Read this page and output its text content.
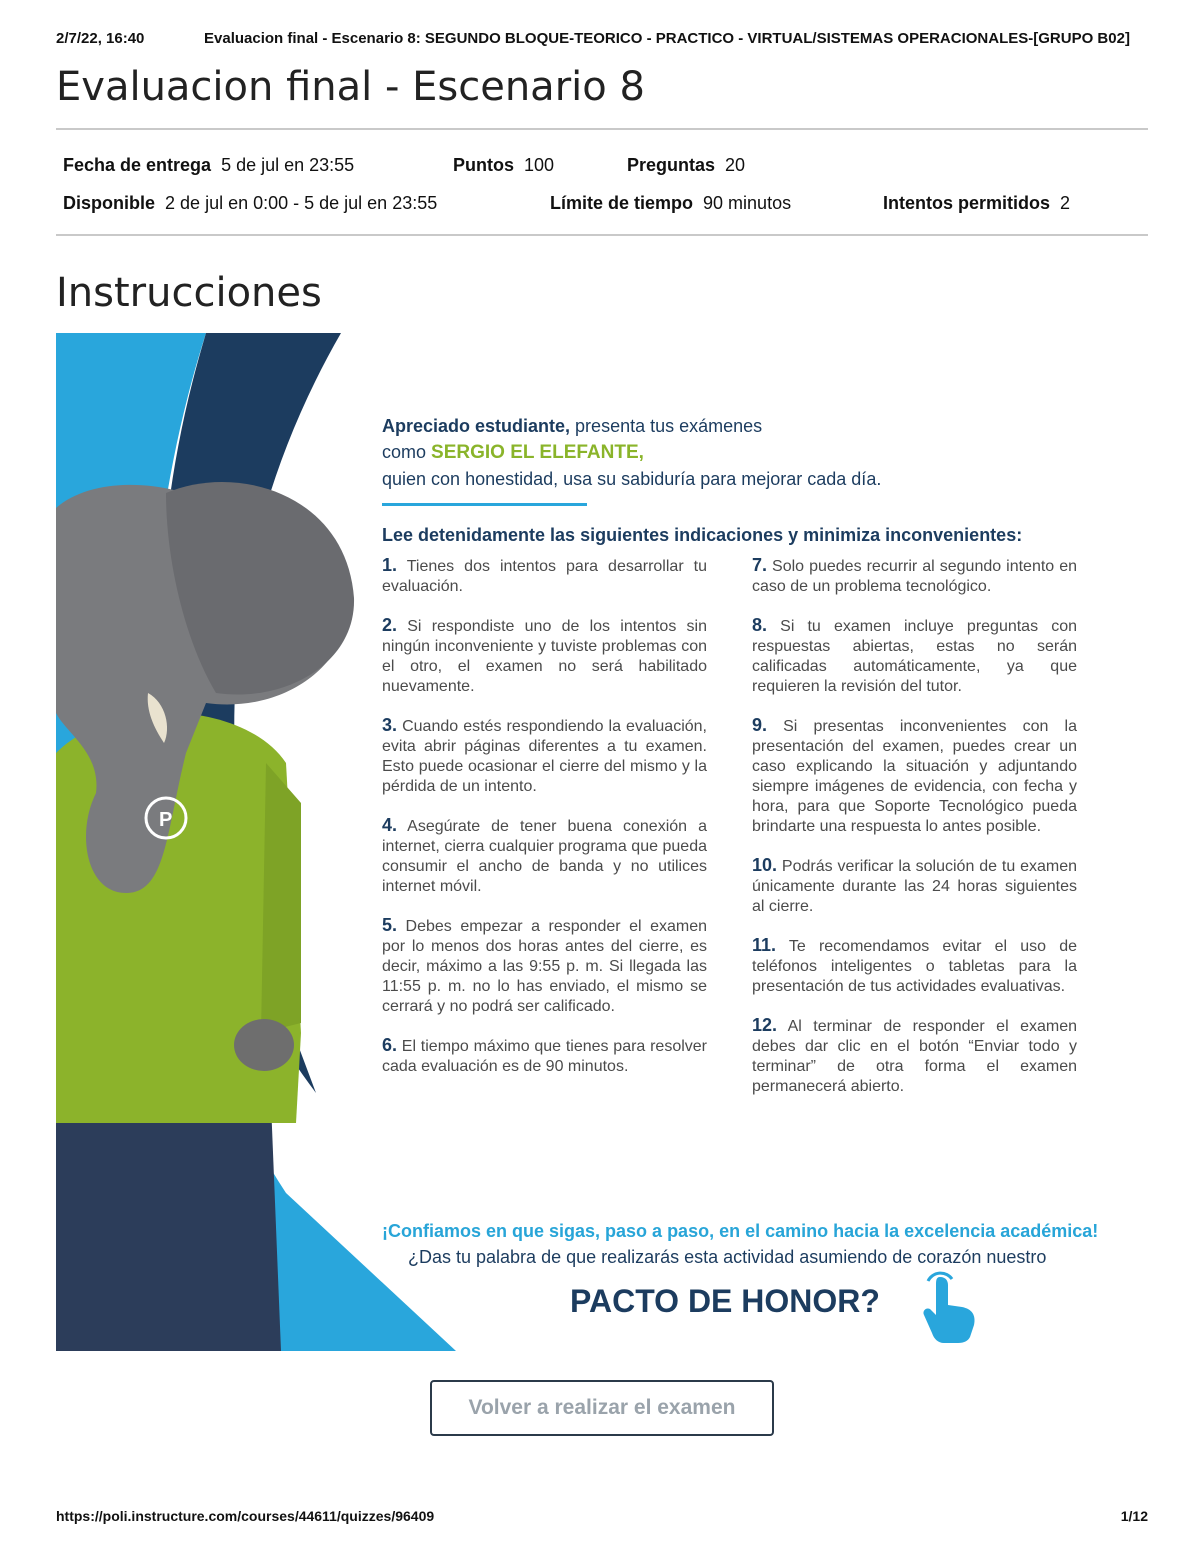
2/7/22, 16:40	Evaluacion final - Escenario 8: SEGUNDO BLOQUE-TEORICO - PRACTICO - VIRTUAL/SISTEMAS OPERACIONALES-[GRUPO B02]
Evaluacion final - Escenario 8
Fecha de entrega 5 de jul en 23:55	Puntos 100	Preguntas 20
Disponible 2 de jul en 0:00 - 5 de jul en 23:55	Límite de tiempo 90 minutos	Intentos permitidos 2
Instrucciones
P
Apreciado estudiante, presenta tus exámenes
como SERGIO EL ELEFANTE,
quien con honestidad, usa su sabiduría para mejorar cada día.
Lee detenidamente las siguientes indicaciones y minimiza inconvenientes:
1. Tienes dos intentos para desarrollar tu evaluación.
2. Si respondiste uno de los intentos sin ningún inconveniente y tuviste problemas con el otro, el examen no será habilitado nuevamente.
3. Cuando estés respondiendo la evaluación, evita abrir páginas diferentes a tu examen. Esto puede ocasionar el cierre del mismo y la pérdida de un intento.
4. Asegúrate de tener buena conexión a internet, cierra cualquier programa que pueda consumir el ancho de banda y no utilices internet móvil.
5. Debes empezar a responder el examen por lo menos dos horas antes del cierre, es decir, máximo a las 9:55 p. m. Si llegada las 11:55 p. m. no lo has enviado, el mismo se cerrará y no podrá ser calificado.
6. El tiempo máximo que tienes para resolver cada evaluación es de 90 minutos.
7. Solo puedes recurrir al segundo intento en caso de un problema tecnológico.
8. Si tu examen incluye preguntas con respuestas abiertas, estas no serán calificadas automáticamente, ya que requieren la revisión del tutor.
9. Si presentas inconvenientes con la presentación del examen, puedes crear un caso explicando la situación y adjuntando siempre imágenes de evidencia, con fecha y hora, para que Soporte Tecnológico pueda brindarte una respuesta lo antes posible.
10. Podrás verificar la solución de tu examen únicamente durante las 24 horas siguientes al cierre.
11. Te recomendamos evitar el uso de teléfonos inteligentes o tabletas para la presentación de tus actividades evaluativas.
12. Al terminar de responder el examen debes dar clic en el botón “Enviar todo y terminar” de otra forma el examen permanecerá abierto.
¡Confiamos en que sigas, paso a paso, en el camino hacia la excelencia académica!
¿Das tu palabra de que realizarás esta actividad asumiendo de corazón nuestro
PACTO DE HONOR?
Volver a realizar el examen
https://poli.instructure.com/courses/44611/quizzes/96409	1/12
